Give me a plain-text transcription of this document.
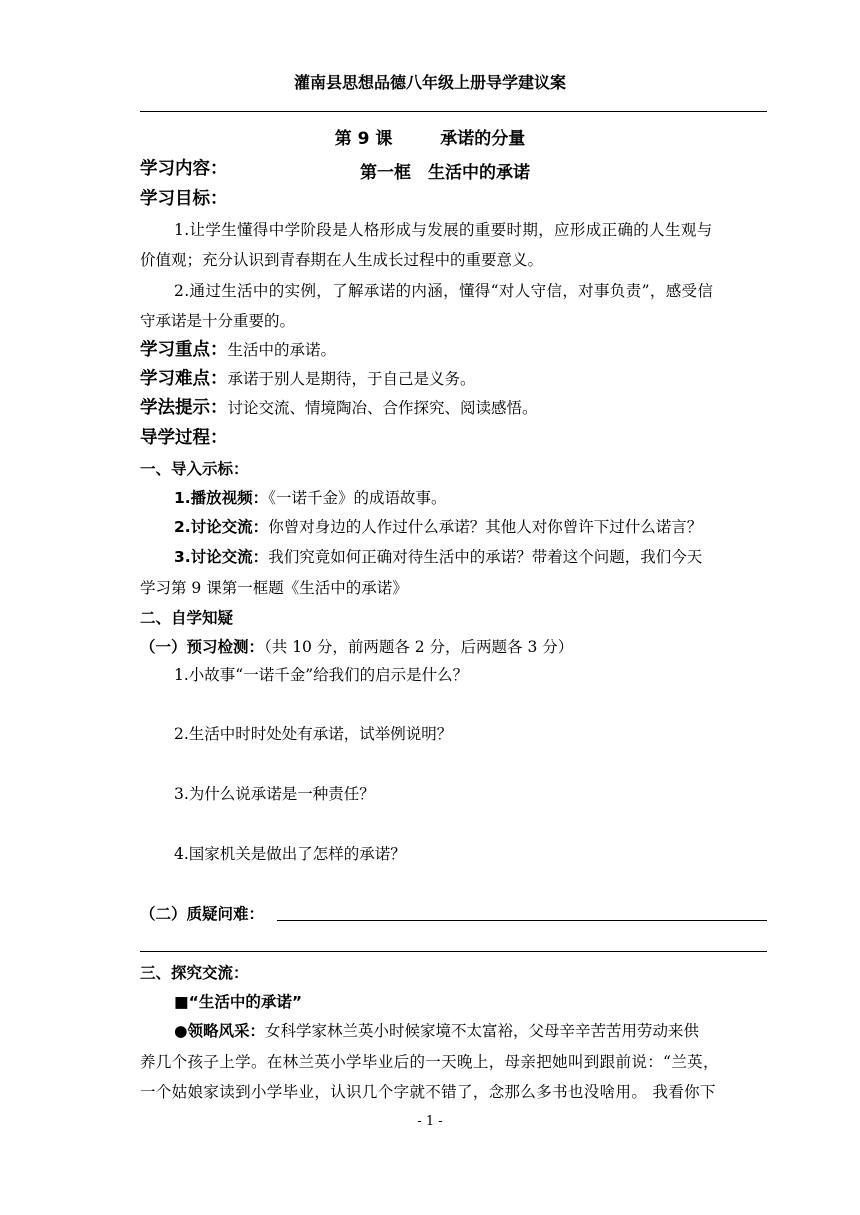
灌南县思想品德八年级上册导学建议案
第 9 课	承诺的分量
学习内容：	第一框　生活中的承诺
学习目标：
1.让学生懂得中学阶段是人格形成与发展的重要时期，应形成正确的人生观与
价值观；充分认识到青春期在人生成长过程中的重要意义。
2.通过生活中的实例，了解承诺的内涵，懂得“对人守信，对事负责”，感受信
守承诺是十分重要的。
学习重点：生活中的承诺。
学习难点：承诺于别人是期待，于自己是义务。
学法提示：讨论交流、情境陶冶、合作探究、阅读感悟。
导学过程：
一、导入示标：
1.播放视频：《一诺千金》的成语故事。
2.讨论交流：你曾对身边的人作过什么承诺？其他人对你曾许下过什么诺言？
3.讨论交流：我们究竟如何正确对待生活中的承诺？带着这个问题，我们今天
学习第 9 课第一框题《生活中的承诺》
二、自学知疑
（一）预习检测：（共 10 分，前两题各 2 分，后两题各 3 分）
1.小故事“一诺千金”给我们的启示是什么？
2.生活中时时处处有承诺，试举例说明？
3.为什么说承诺是一种责任？
4.国家机关是做出了怎样的承诺？
（二）质疑问难：
三、探究交流：
■“生活中的承诺”
●领略风采：女科学家林兰英小时候家境不太富裕，父母辛辛苦苦用劳动来供
养几个孩子上学。在林兰英小学毕业后的一天晚上，母亲把她叫到跟前说：“兰英，
一个姑娘家读到小学毕业，认识几个字就不错了，念那么多书也没啥用。 我看你下
- 1 -
